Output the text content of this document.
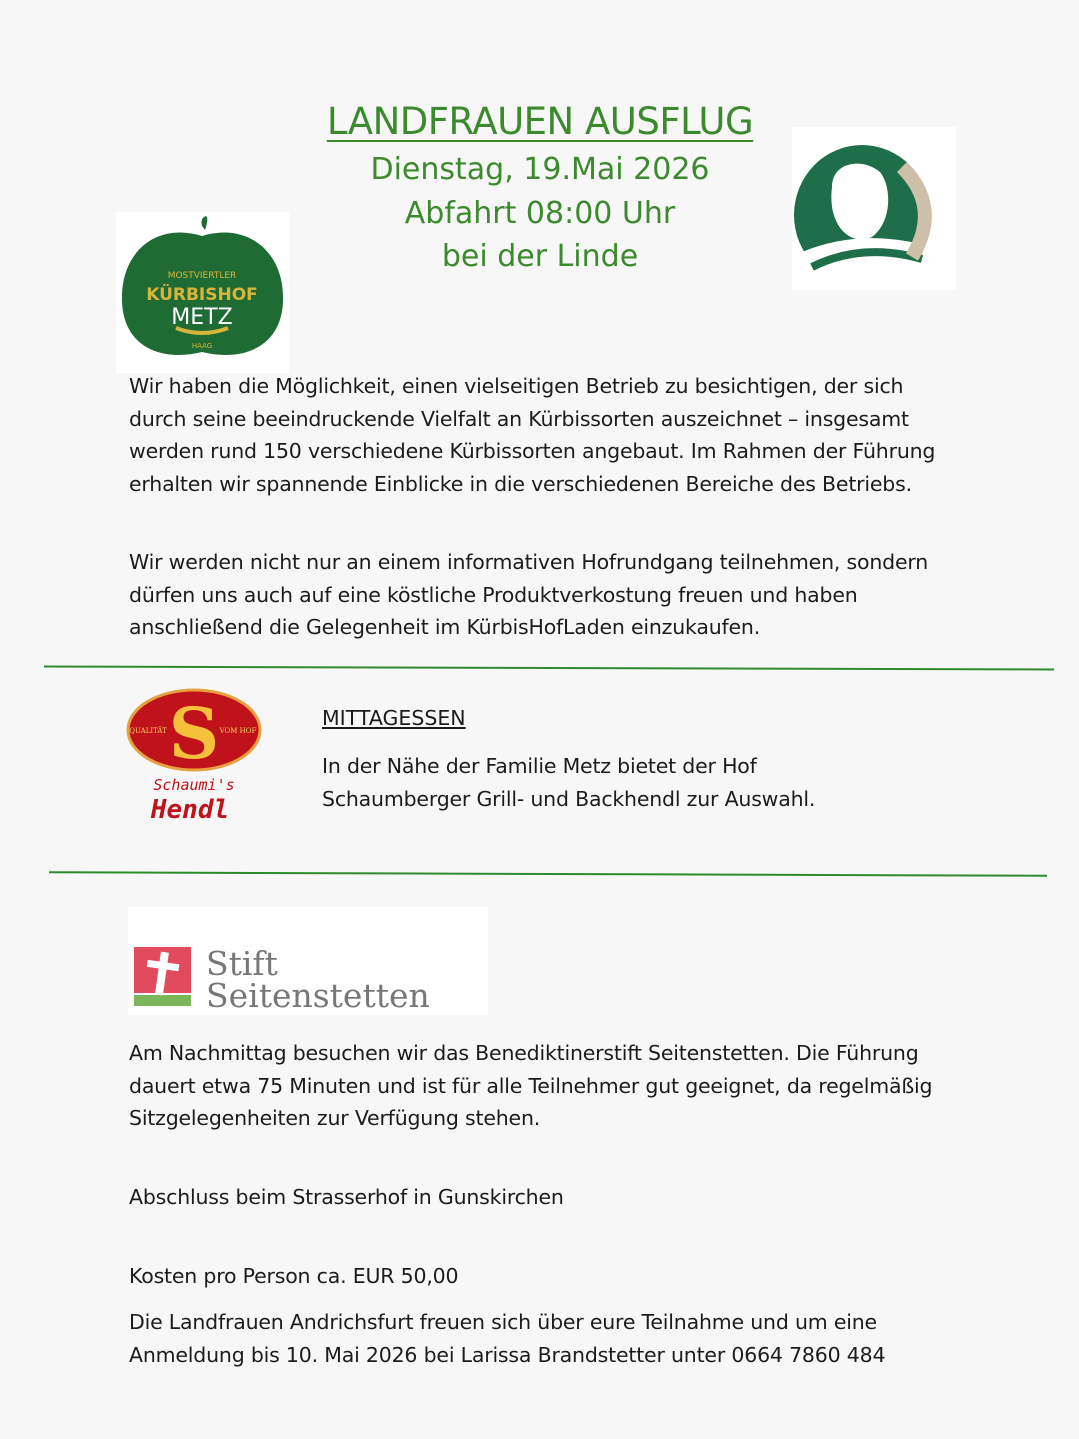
LANDFRAUEN AUSFLUG
Dienstag, 19.Mai 2026
Abfahrt 08:00 Uhr
bei der Linde
MOSTVIERTLER
KÜRBISHOF
METZ
HAAG
Wir haben die Möglichkeit, einen vielseitigen Betrieb zu besichtigen, der sich durch seine beeindruckende Vielfalt an Kürbissorten auszeichnet – insgesamt werden rund 150 verschiedene Kürbissorten angebaut. Im Rahmen der Führung erhalten wir spannende Einblicke in die verschiedenen Bereiche des Betriebs.
Wir werden nicht nur an einem informativen Hofrundgang teilnehmen, sondern dürfen uns auch auf eine köstliche Produktverkostung freuen und haben anschließend die Gelegenheit im KürbisHofLaden einzukaufen.
QUALITÄT	VOM HOF
S
Schaumi's
Hendl
MITTAGESSEN
In der Nähe der Familie Metz bietet der Hof Schaumberger Grill- und Backhendl zur Auswahl.
Stift
Seitenstetten
Am Nachmittag besuchen wir das Benediktinerstift Seitenstetten. Die Führung dauert etwa 75 Minuten und ist für alle Teilnehmer gut geeignet, da regelmäßig Sitzgelegenheiten zur Verfügung stehen.
Abschluss beim Strasserhof in Gunskirchen
Kosten pro Person ca. EUR 50,00
Die Landfrauen Andrichsfurt freuen sich über eure Teilnahme und um eine Anmeldung bis 10. Mai 2026 bei Larissa Brandstetter unter 0664 7860 484
